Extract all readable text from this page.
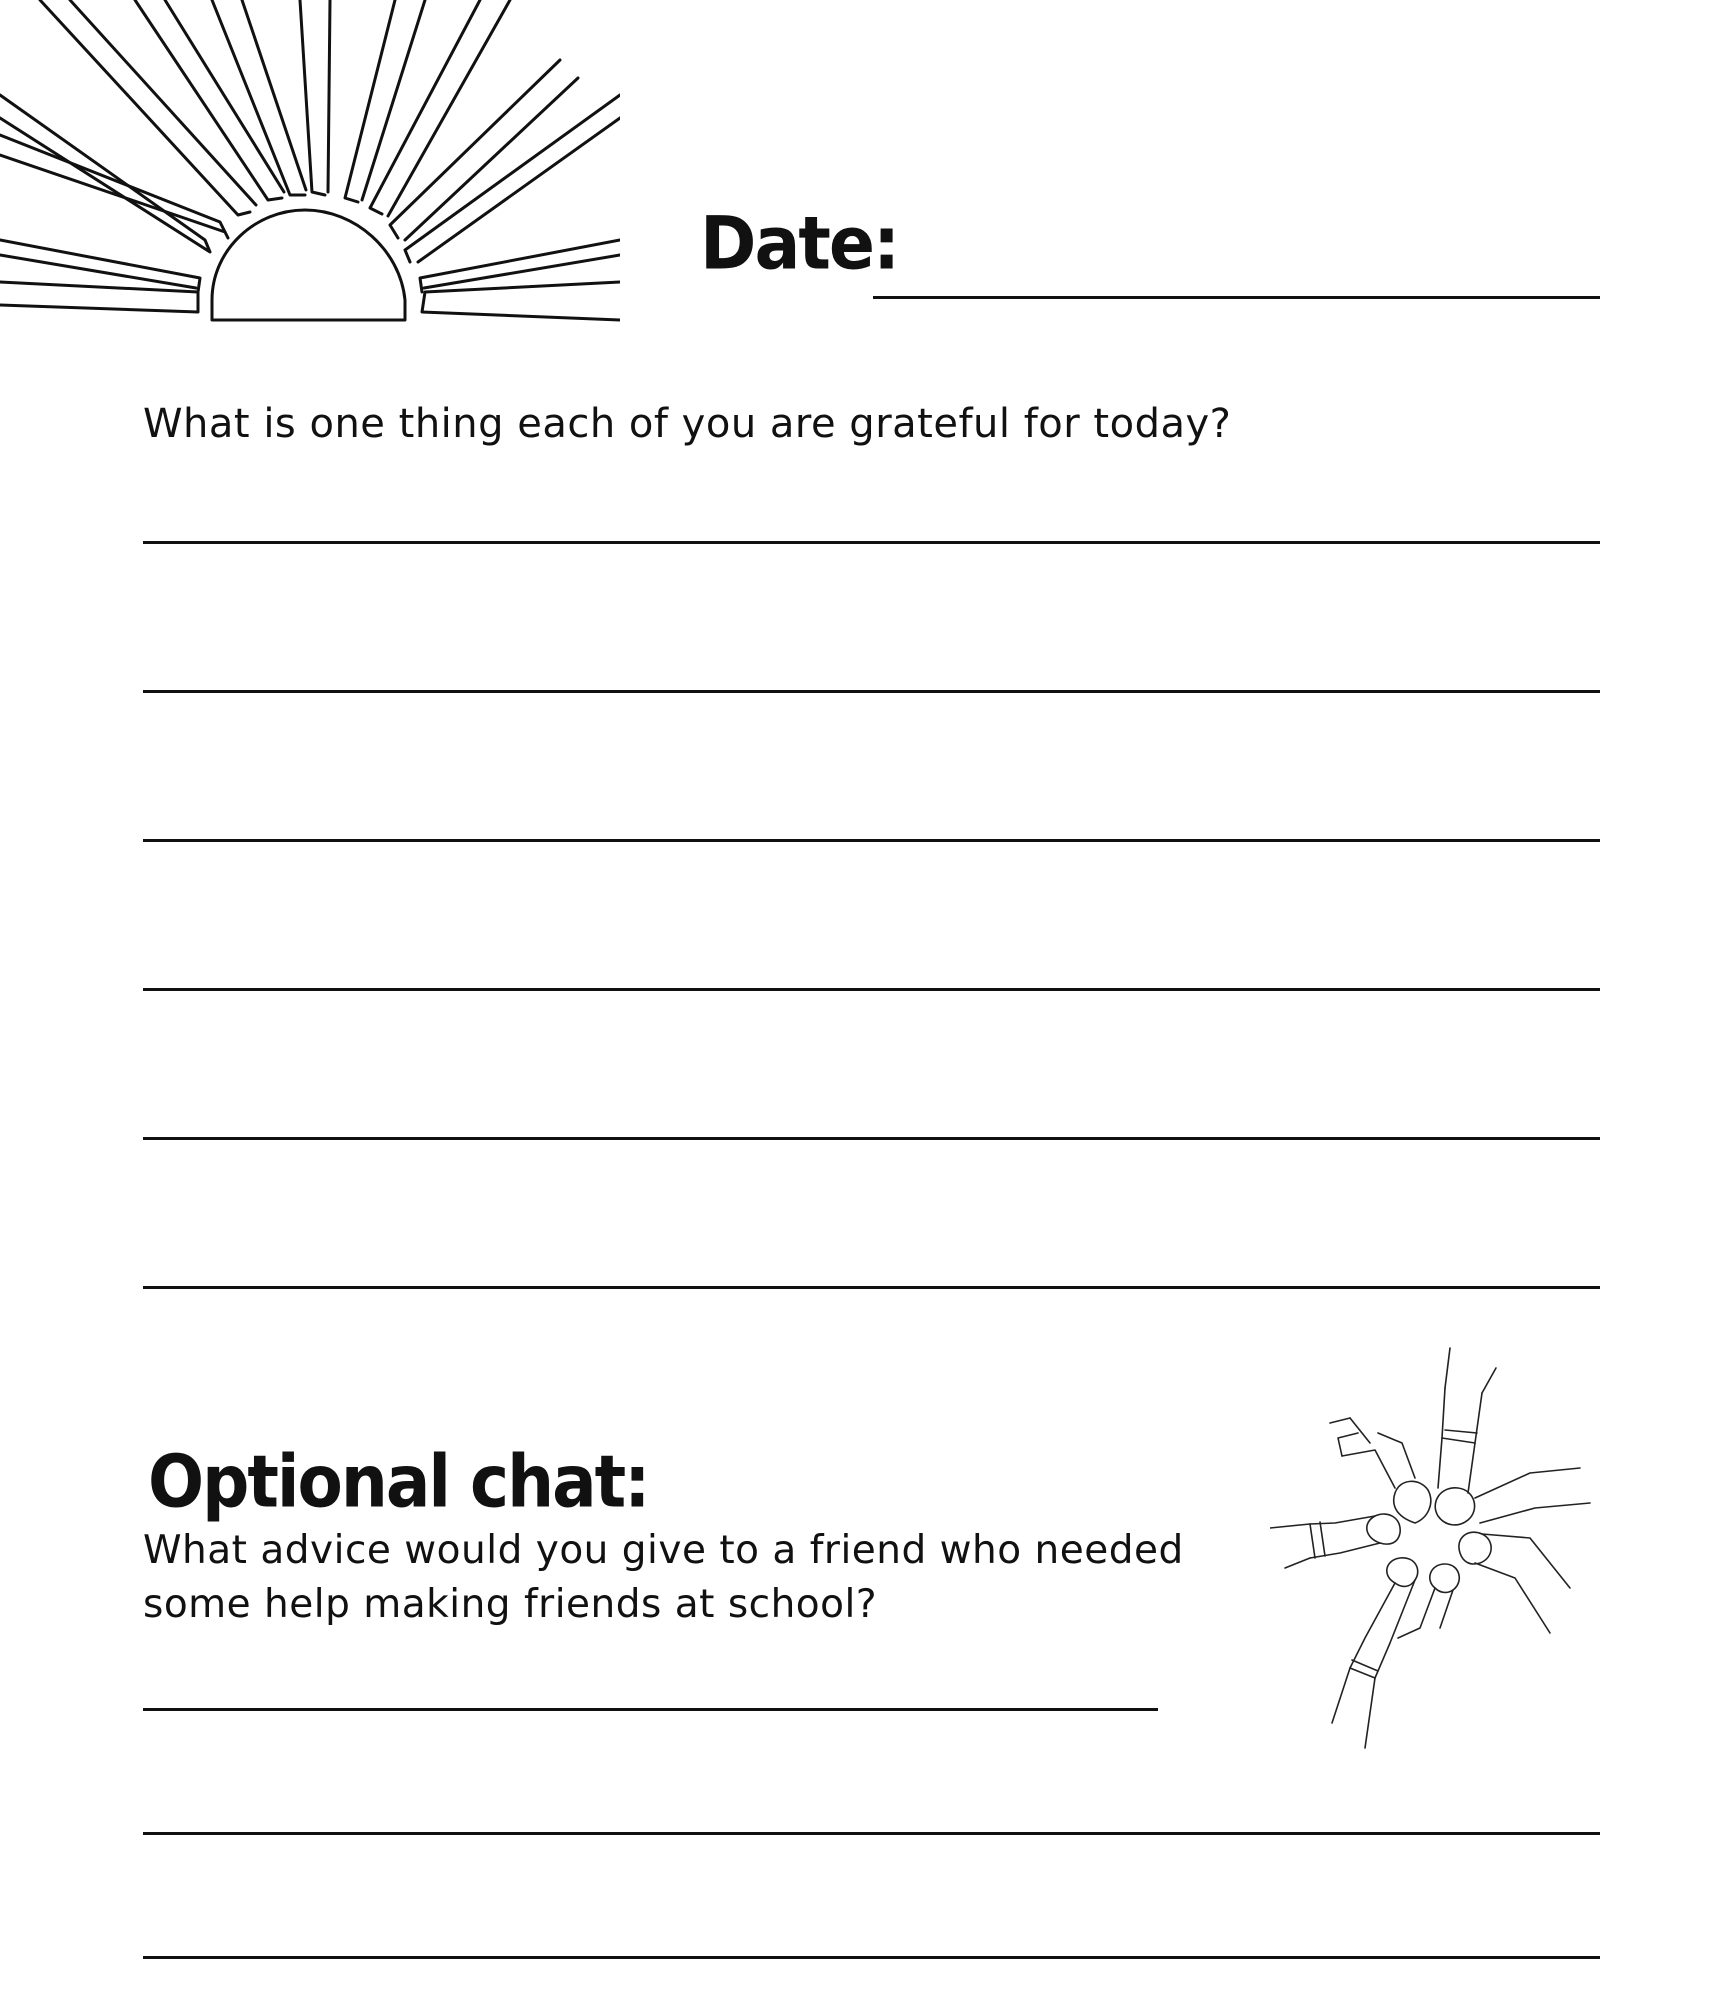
Date:
What is one thing each of you are grateful for today?
Optional chat:
What advice would you give to a friend who needed some help making friends at school?
